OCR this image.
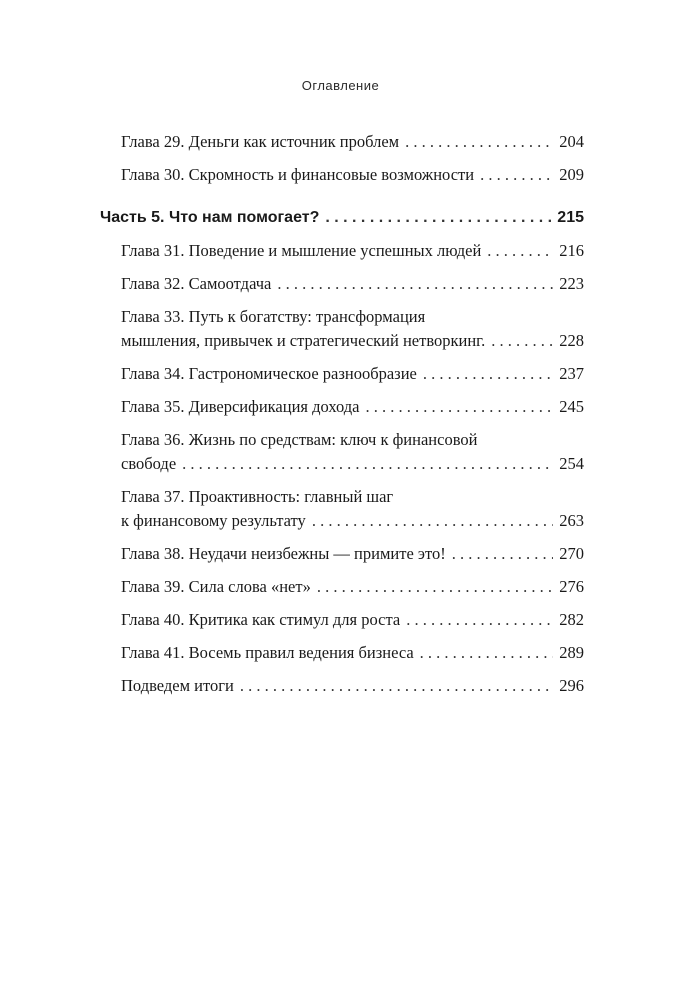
Оглавление
Глава 29. Деньги как источник проблем . . .	204
Глава 30. Скромность и финансовые возможности . . .	209
Часть 5. Что нам помогает? . . .	215
Глава 31. Поведение и мышление успешных людей . . .	216
Глава 32. Самоотдача . . .	223
Глава 33. Путь к богатству: трансформация
мышления, привычек и стратегический нетворкинг. . . .	228
Глава 34. Гастрономическое разнообразие . . .	237
Глава 35. Диверсификация дохода . . .	245
Глава 36. Жизнь по средствам: ключ к финансовой
свободе . . .	254
Глава 37. Проактивность: главный шаг
к финансовому результату . . .	263
Глава 38. Неудачи неизбежны — примите это! . . .	270
Глава 39. Сила слова «нет» . . .	276
Глава 40. Критика как стимул для роста . . .	282
Глава 41. Восемь правил ведения бизнеса . . .	289
Подведем итоги . . .	296
